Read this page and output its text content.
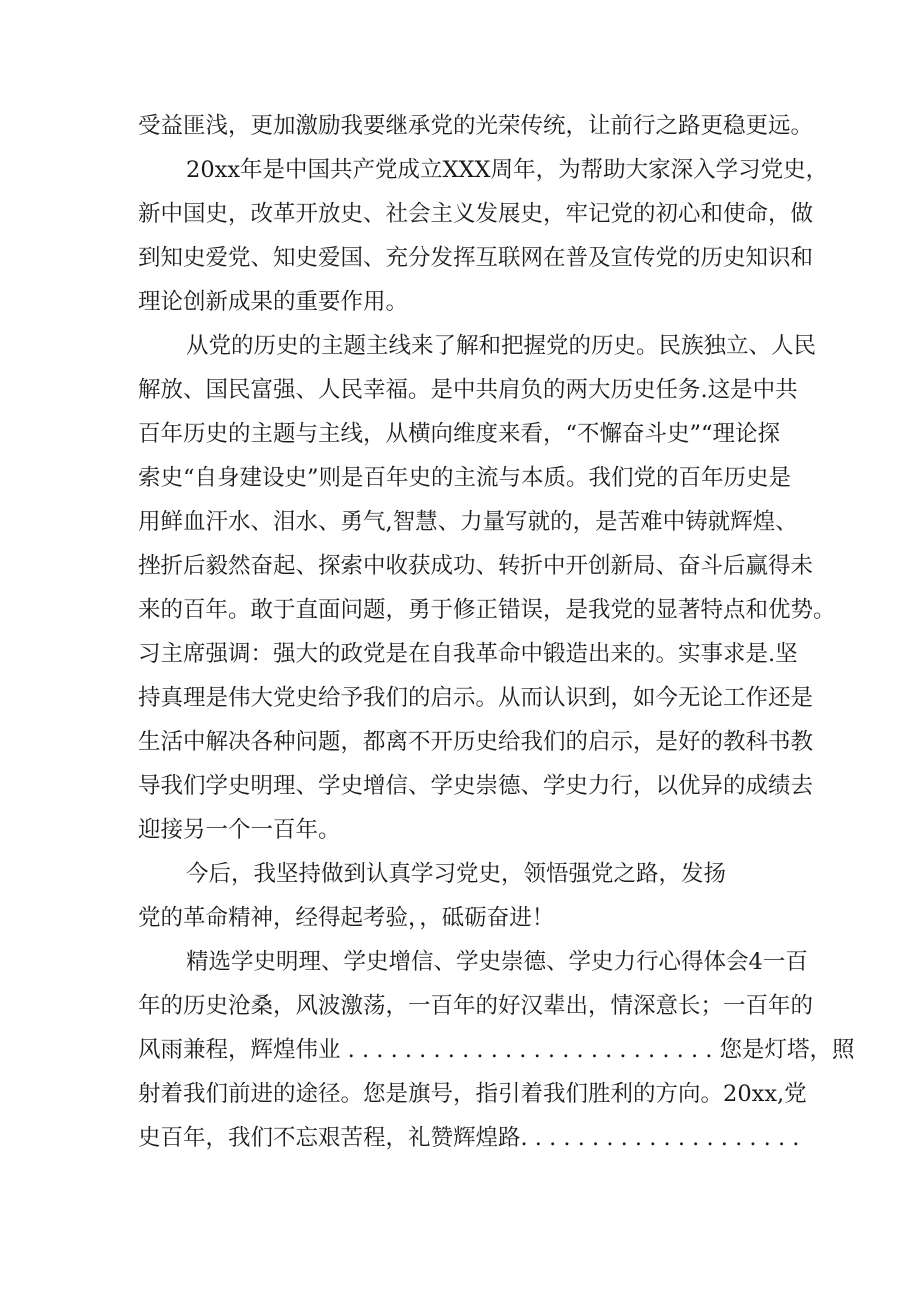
受益匪浅，更加激励我要继承党的光荣传统，让前行之路更稳更远。
20xx年是中国共产党成立XXX周年，为帮助大家深入学习党史，
新中国史，改革开放史、社会主义发展史，牢记党的初心和使命，做
到知史爱党、知史爱国、充分发挥互联网在普及宣传党的历史知识和
理论创新成果的重要作用。
从党的历史的主题主线来了解和把握党的历史。民族独立、人民
解放、国民富强、人民幸福。是中共肩负的两大历史任务.这是中共
百年历史的主题与主线，从横向维度来看，“不懈奋斗史”“理论探
索史“自身建设史”则是百年史的主流与本质。我们党的百年历史是
用鲜血汗水、泪水、勇气,智慧、力量写就的，是苦难中铸就辉煌、
挫折后毅然奋起、探索中收获成功、转折中开创新局、奋斗后赢得未
来的百年。敢于直面问题，勇于修正错误，是我党的显著特点和优势。
习主席强调：强大的政党是在自我革命中锻造出来的。实事求是.坚
持真理是伟大党史给予我们的启示。从而认识到，如今无论工作还是
生活中解决各种问题，都离不开历史给我们的启示，是好的教科书教
导我们学史明理、学史增信、学史崇德、学史力行，以优异的成绩去
迎接另一个一百年。
今后，我坚持做到认真学习党史，领悟强党之路，发扬
党的革命精神，经得起考验，，砥砺奋进！
精选学史明理、学史增信、学史崇德、学史力行心得体会4一百
年的历史沧桑，风波激荡，一百年的好汉辈出，情深意长；一百年的
风雨兼程，辉煌伟业 . . . . . . . . . . . . . . . . . . . . . . . . . . 您是灯塔，照
射着我们前进的途径。您是旗号，指引着我们胜利的方向。20xx,党
史百年，我们不忘艰苦程，礼赞辉煌路. . . . . . . . . . . . . . . . . . . .
